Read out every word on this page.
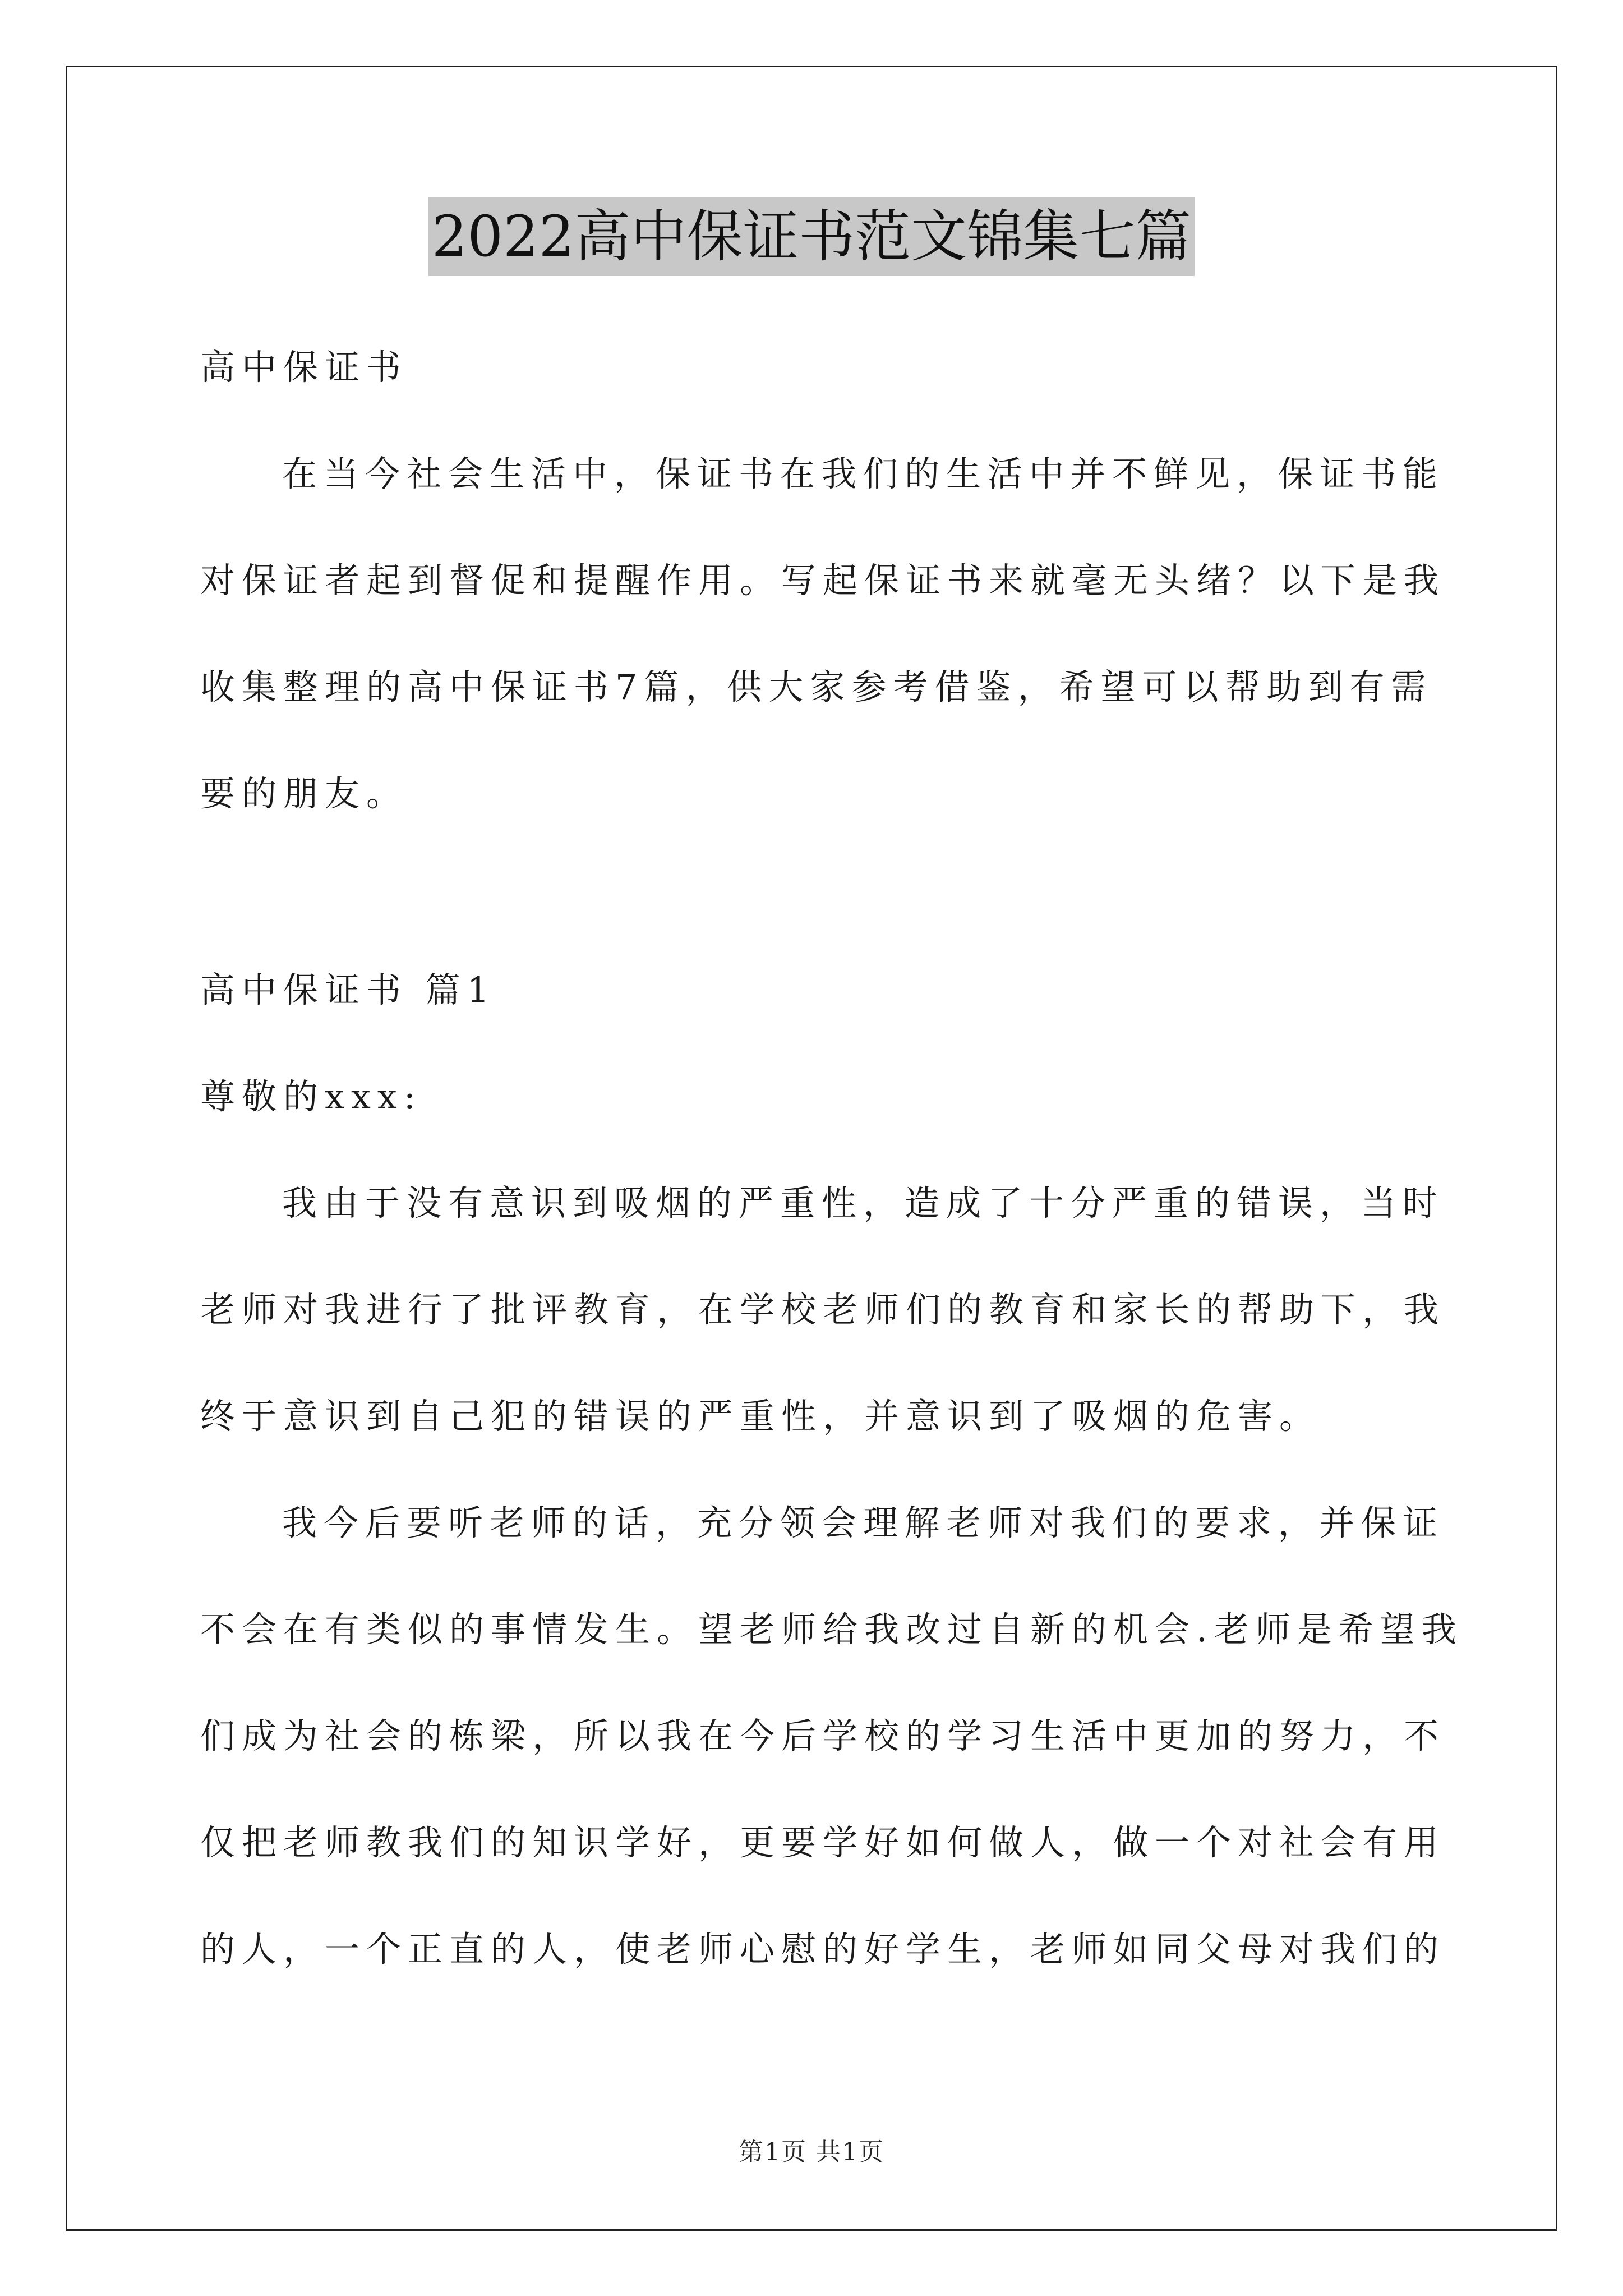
2022高中保证书范文锦集七篇
高中保证书
在当今社会生活中，保证书在我们的生活中并不鲜见，保证书能
对保证者起到督促和提醒作用。写起保证书来就毫无头绪？以下是我
收集整理的高中保证书7篇，供大家参考借鉴，希望可以帮助到有需
要的朋友。
高中保证书 篇1
尊敬的xxx:
我由于没有意识到吸烟的严重性，造成了十分严重的错误，当时
老师对我进行了批评教育，在学校老师们的教育和家长的帮助下，我
终于意识到自己犯的错误的严重性，并意识到了吸烟的危害。
我今后要听老师的话，充分领会理解老师对我们的要求，并保证
不会在有类似的事情发生。望老师给我改过自新的机会.老师是希望我
们成为社会的栋梁，所以我在今后学校的学习生活中更加的努力，不
仅把老师教我们的知识学好，更要学好如何做人，做一个对社会有用
的人，一个正直的人，使老师心慰的好学生，老师如同父母对我们的
第1页 共1页
